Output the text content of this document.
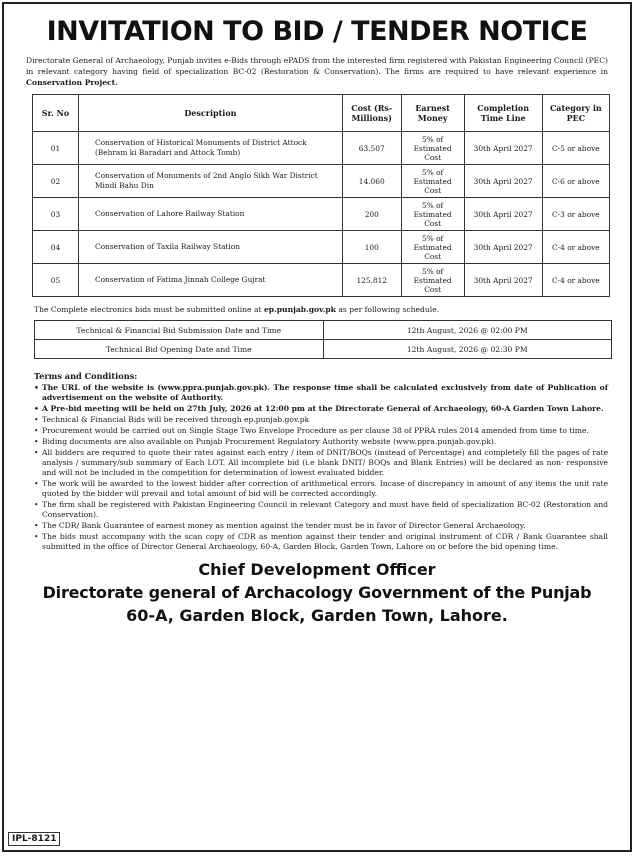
INVITATION TO BID / TENDER NOTICE
Directorate General of Archaeology, Punjab invites e-Bids through ePADS from the interested firm registered with Pakistan Engineering Council (PEC) in relevant category having field of specialization BC-02 (Restoration & Conservation). The firms are required to have relevant experience in Conservation Project.
Sr. No	Description	Cost (Rs-Millions)	Earnest Money	Completion Time Line	Category in PEC
01	Conservation of Historical Monuments of District Attock (Behram ki Baradari and Attock Tomb)	63.507	5% of Estimated Cost	30th April 2027	C-5 or above
02	Conservation of Monuments of 2nd Anglo Sikh War District Mindi Bahu Din	14.060	5% of Estimated Cost	30th April 2027	C-6 or above
03	Conservation of Lahore Railway Station	200	5% of Estimated Cost	30th April 2027	C-3 or above
04	Conservation of Taxila Railway Station	100	5% of Estimated Cost	30th April 2027	C-4 or above
05	Conservation of Fatima Jinnah College Gujrat	125.812	5% of Estimated Cost	30th April 2027	C-4 or above
The Complete electronics bids must be submitted online at ep.punjab.gov.pk as per following schedule.
Technical & Financial Bid Submission Date and Time	12th August, 2026 @ 02:00 PM
Technical Bid Opening Date and Time	12th August, 2026 @ 02:30 PM
Terms and Conditions:
• The URL of the website is (www.ppra.punjab.gov.pk). The response time shall be calculated exclusively from date of Publication of advertisement on the website of Authority.
• A Pre-bid meeting will be held on 27th July, 2026 at 12:00 pm at the Directorate General of Archaeology, 60-A Garden Town Lahore.
• Technical & Financial Bids will be received through ep.punjab.gov.pk
• Procurement would be carried out on Single Stage Two Envelope Procedure as per clause 38 of PPRA rules 2014 amended from time to time.
• Biding documents are also available on Punjab Procurement Regulatory Authority website (www.ppra.punjab.gov.pk).
• All bidders are required to quote their rates against each entry / item of DNIT/BOQs (instead of Percentage) and completely fill the pages of rate analysis / summary/sub summary of Each LOT. All incomplete bid (i.e blank DNIT/ BOQs and Blank Entries) will be declared as non- responsive and will not be included in the competition for determination of lowest evaluated bidder.
• The work will be awarded to the lowest bidder after correction of arithmetical errors. Incase of discrepancy in amount of any items the unit rate quoted by the bidder will prevail and total amount of bid will be corrected accordingly.
• The firm shall be registered with Pakistan Engineering Council in relevant Category and must have field of specialization BC-02 (Restoration and Conservation).
• The CDR/ Bank Guarantee of earnest money as mention against the tender must be in favor of Director General Archaeology.
• The bids must accompany with the scan copy of CDR as mention against their tender and original instrument of CDR / Bank Guarantee shall submitted in the office of Director General Archaeology, 60-A, Garden Block, Garden Town, Lahore on or before the bid opening time.
Chief Development Officer
Directorate general of Archacology Government of the Punjab
60-A, Garden Block, Garden Town, Lahore.
IPL-8121
